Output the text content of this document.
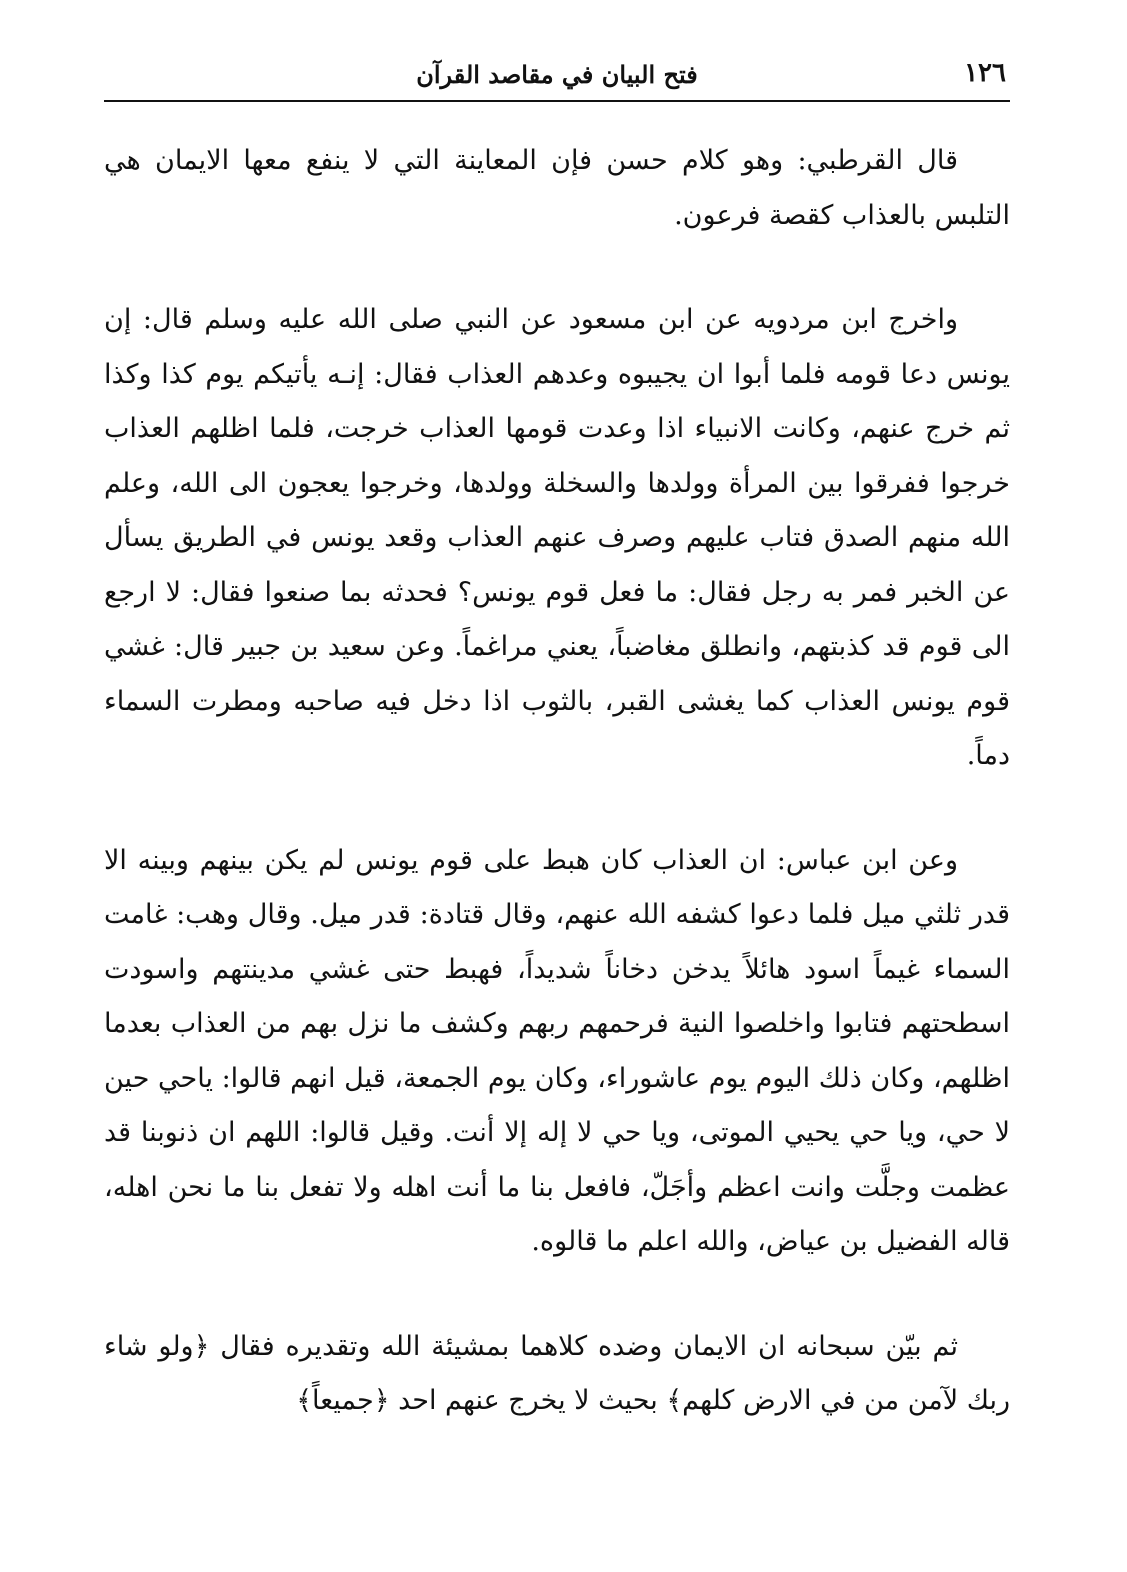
١٢٦
فتح البيان في مقاصد القرآن

قال القرطبي: وهو كلام حسن فإن المعاينة التي لا ينفع معها الايمان هي التلبس بالعذاب كقصة فرعون.

واخرج ابن مردويه عن ابن مسعود عن النبي صلى الله عليه وسلم قال: إن يونس دعا قومه فلما أبوا ان يجيبوه وعدهم العذاب فقال: إنـه يأتيكم يوم كذا وكذا ثم خرج عنهم، وكانت الانبياء اذا وعدت قومها العذاب خرجت، فلما اظلهم العذاب خرجوا ففرقوا بين المرأة وولدها والسخلة وولدها، وخرجوا يعجون الى الله، وعلم الله منهم الصدق فتاب عليهم وصرف عنهم العذاب وقعد يونس في الطريق يسأل عن الخبر فمر به رجل فقال: ما فعل قوم يونس؟ فحدثه بما صنعوا فقال: لا ارجع الى قوم قد كذبتهم، وانطلق مغاضباً، يعني مراغماً. وعن سعيد بن جبير قال: غشي قوم يونس العذاب كما يغشى القبر، بالثوب اذا دخل فيه صاحبه ومطرت السماء دماً.

وعن ابن عباس: ان العذاب كان هبط على قوم يونس لم يكن بينهم وبينه الا قدر ثلثي ميل فلما دعوا كشفه الله عنهم، وقال قتادة: قدر ميل. وقال وهب: غامت السماء غيماً اسود هائلاً يدخن دخاناً شديداً، فهبط حتى غشي مدينتهم واسودت اسطحتهم فتابوا واخلصوا النية فرحمهم ربهم وكشف ما نزل بهم من العذاب بعدما اظلهم، وكان ذلك اليوم يوم عاشوراء، وكان يوم الجمعة، قيل انهم قالوا: ياحي حين لا حي، ويا حي يحيي الموتى، ويا حي لا إله إلا أنت. وقيل قالوا: اللهم ان ذنوبنا قد عظمت وجلَّت وانت اعظم وأجَلّ، فافعل بنا ما أنت اهله ولا تفعل بنا ما نحن اهله، قاله الفضيل بن عياض، والله اعلم ما قالوه.

ثم بيّن سبحانه ان الايمان وضده كلاهما بمشيئة الله وتقديره فقال ﴿ولو شاء ربك لآمن من في الارض كلهم﴾ بحيث لا يخرج عنهم احد ﴿جميعاً﴾
